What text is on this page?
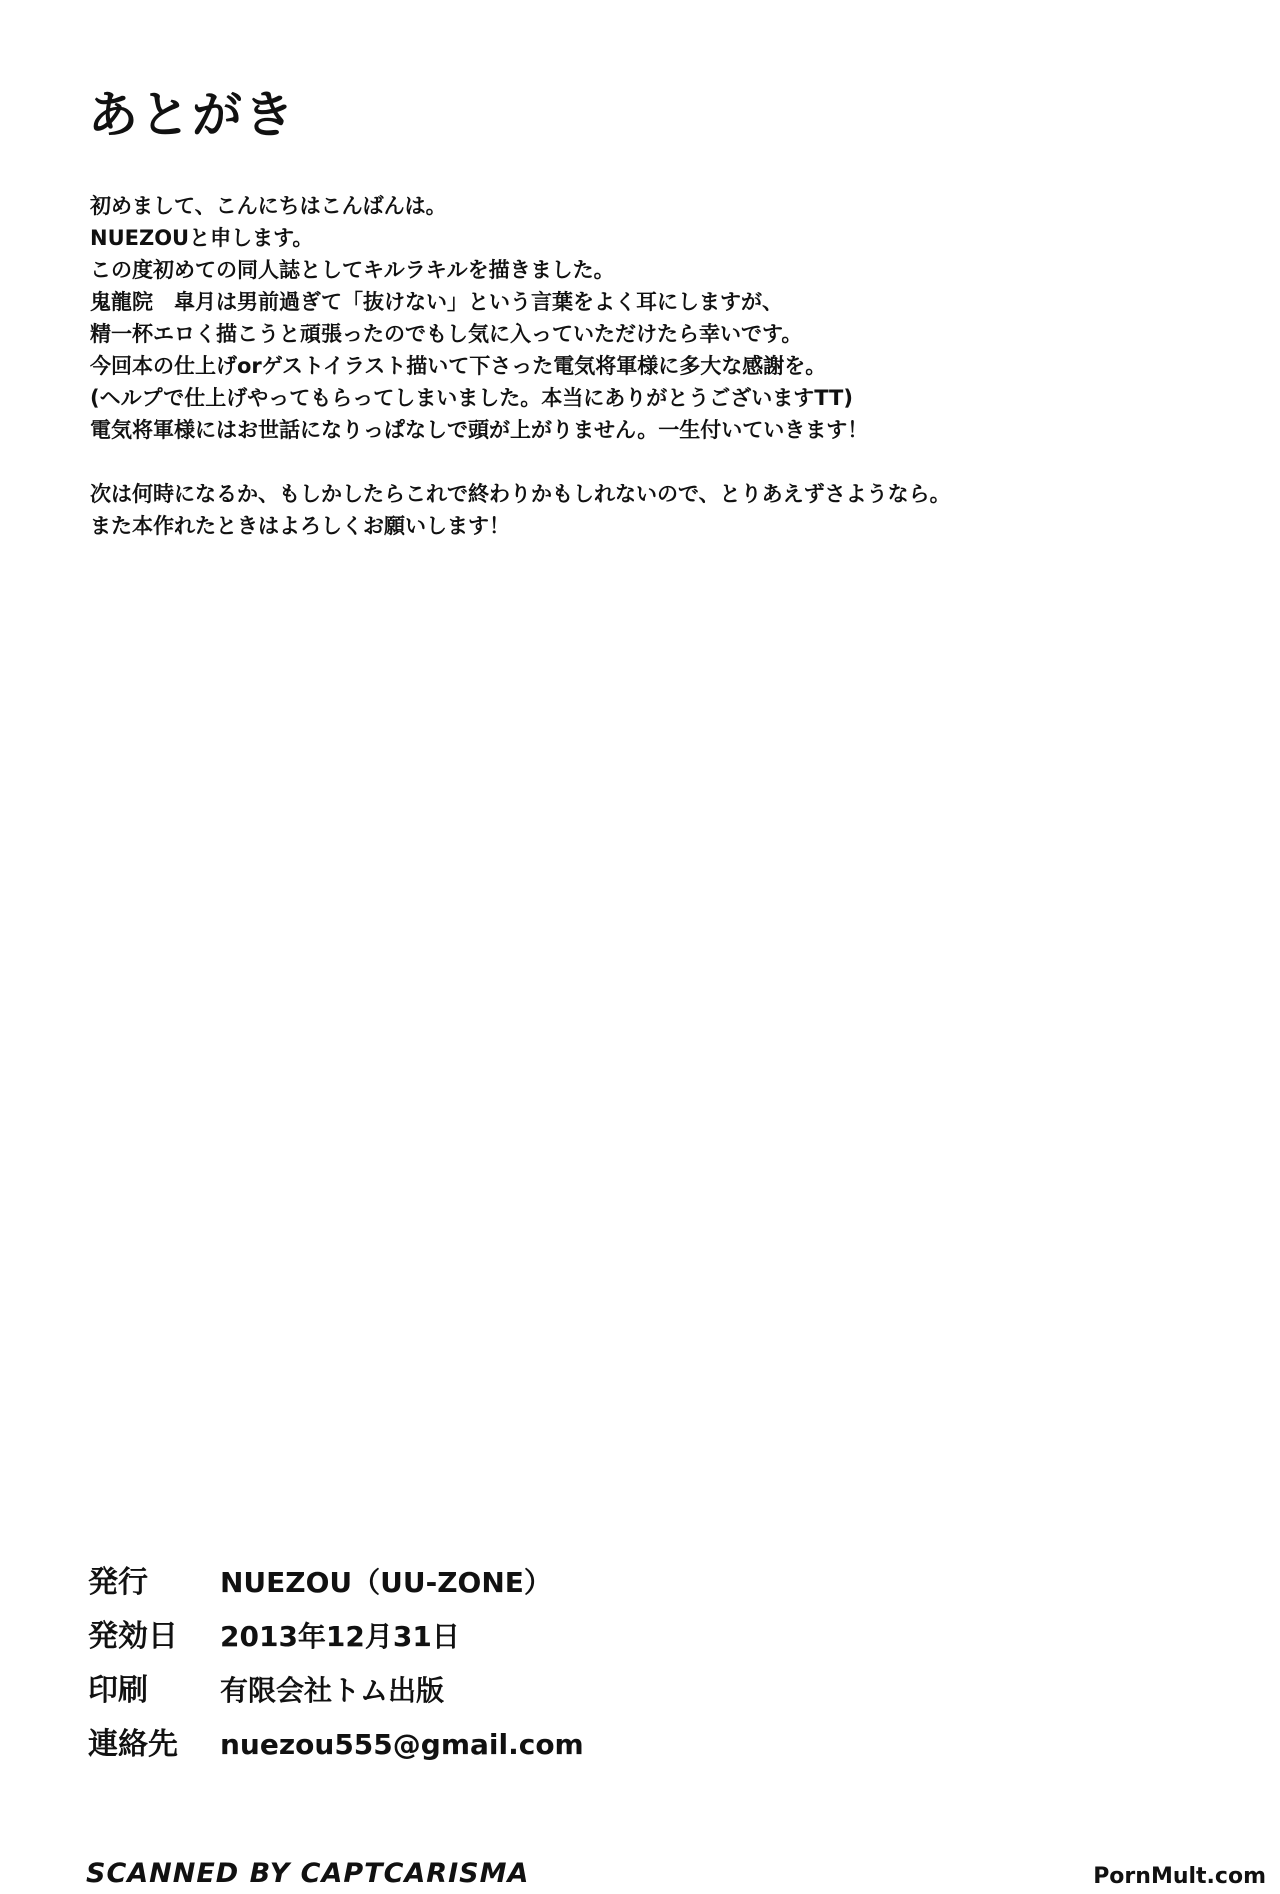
あとがき
初めまして、こんにちはこんばんは。
NUEZOUと申します。
この度初めての同人誌としてキルラキルを描きました。
鬼龍院　皐月は男前過ぎて「抜けない」という言葉をよく耳にしますが、
精一杯エロく描こうと頑張ったのでもし気に入っていただけたら幸いです。
今回本の仕上げorゲストイラスト描いて下さった電気将軍様に多大な感謝を。
(ヘルプで仕上げやってもらってしまいました。本当にありがとうございますTT)
電気将軍様にはお世話になりっぱなしで頭が上がりません。一生付いていきます！
次は何時になるか、もしかしたらこれで終わりかもしれないので、とりあえずさようなら。
また本作れたときはよろしくお願いします！
発行	NUEZOU（UU-ZONE）
発効日	2013年12月31日
印刷	有限会社トム出版
連絡先	nuezou555@gmail.com
SCANNED BY CAPTCARISMA	PornMult.com
